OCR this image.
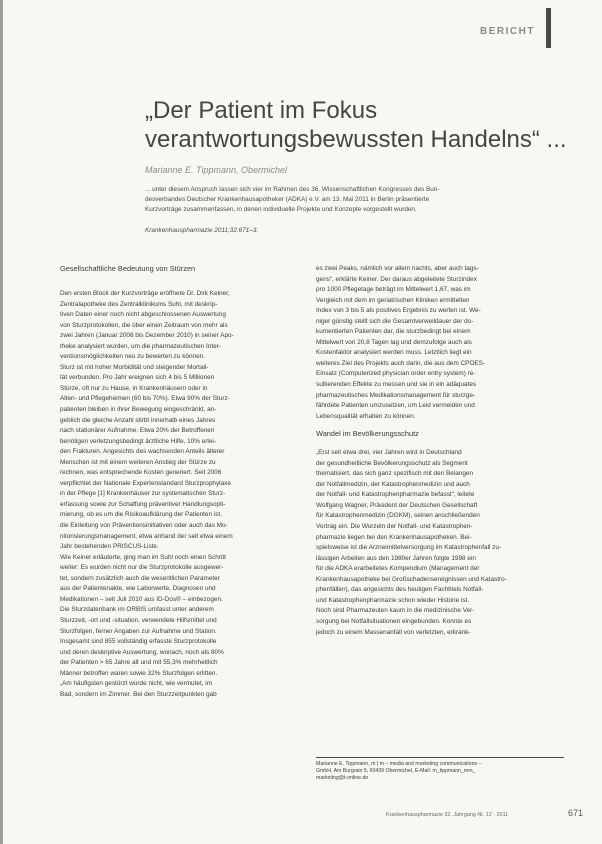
BERICHT
„Der Patient im Fokus
verantwortungsbewussten Handelns“ ...
Marianne E. Tippmann, Obermichel
... unter diesem Anspruch lassen sich vier im Rahmen des 36. Wissenschaftlichen Kongresses des Bun-
desverbandes Deutscher Krankenhausapotheker (ADKA) e.V. am 13. Mai 2011 in Berlin präsentierte
Kurzvorträge zusammenfassen, in denen individuelle Projekte und Konzepte vorgestellt wurden.
Krankenhauspharmazie 2011;32:671–3.
Gesellschaftliche Bedeutung von Stürzen
Den ersten Block der Kurzvorträge eröffnete Dr. Dirk Keiner,
Zentralapotheke des Zentralklinikums Suhl, mit deskrip-
tiven Daten einer noch nicht abgeschlossenen Auswertung
von Sturzprotokollen, die über einen Zeitraum von mehr als
zwei Jahren (Januar 2008 bis Dezember 2010) in seiner Apo-
theke analysiert wurden, um die pharmazeutischen Inter-
ventionsmöglichkeiten neu zu bewerten zu können.
Sturz ist mit hoher Morbidität und steigender Mortali-
tät verbunden. Pro Jahr ereignen sich 4 bis 5 Millionen
Stürze, oft nur zu Hause, in Krankenhäusern oder in
Alten- und Pflegeheimen (60 bis 70%). Etwa 90% der Sturz-
patienten bleiben in ihrer Bewegung eingeschränkt, an-
geblich die gleiche Anzahl stirbt innerhalb eines Jahres
nach stationärer Aufnahme. Etwa 20% der Betroffenen
benötigen verletzungsbedingt ärztliche Hilfe, 10% erlei-
den Frakturen. Angesichts des wachsenden Anteils älterer
Menschen ist mit einem weiteren Anstieg der Stürze zu
rechnen, was entsprechende Kosten generiert. Seit 2006
verpflichtet der Nationale Expertenstandard Sturzprophylaxe
in der Pflege [1] Krankenhäuser zur systematischen Sturz-
erfassung sowie zur Schaffung präventiver Handlungsopti-
mierung, ob es um die Risikoaufklärung der Patienten ist,
die Einleitung von Präventionsinitiativen oder auch das Mo-
nitorisierungsmanagement, etwa anhand der seit etwa einem
Jahr bestehenden PRISCUS-Liste.
Wie Keiner erläuterte, ging man im Suhl noch einen Schritt
weiter: Es wurden nicht nur die Sturzprotokolle ausgewer-
tet, sondern zusätzlich auch die wesentlichen Parameter
aus der Patientenakte, wie Laborwerte, Diagnosen und
Medikationen – seit Juli 2010 aus ID-Dos® – einbezogen.
Die Sturzdatenbank im ORBIS umfasst unter anderem
Sturzzeit, -ort und -situation, verwendete Hilfsmittel und
Sturzfolgen, ferner Angaben zur Aufnahme und Station.
Insgesamt sind 855 vollständig erfasste Sturzprotokolle
und deren deskriptive Auswertung, wonach, noch als 80%
der Patienten > 65 Jahre alt und mit 55,3% mehrheitlich
Männer betroffen waren sowie 32% Sturzfolgen erlitten.
„Am häufigsten gestürzt wurde nicht, wie vermutet, im
Bad, sondern im Zimmer. Bei den Sturzzeitpunkten gab
es zwei Peaks, nämlich vor allem nachts, aber auch tags-
gens“, erklärte Keiner. Der daraus abgeleitete Sturzindex
pro 1000 Pflegetage beträgt im Mittelwert 1,67, was im
Vergleich mit dem im geriatrischen Kliniken ermittelten
Index von 3 bis 5 als positives Ergebnis zu werten ist. We-
niger günstig stellt sich die Gesamtverweildauer der do-
kumentierten Patienten dar, die sturzbedingt bei einem
Mittelwert von 20,8 Tagen lag und demzufolge auch als
Kostenfaktor analysiert werden muss. Letztlich liegt ein
weiteres Ziel des Projekts auch darin, die aus dem CPOES-
Einsatz (Computerized physician order entry system) re-
sultierenden Effekte zu messen und sie in ein adäquates
pharmazeutisches Medikationsmanagement für sturzge-
fährdete Patienten umzusetzen, um Leid vermeiden und
Lebensqualität erhalten zu können.
Wandel im Bevölkerungsschutz
„Erst seit etwa drei, vier Jahren wird in Deutschland
der gesundheitliche Bevölkerungsschutz als Segment
thematisiert, das sich ganz spezifisch mit den Belangen
der Notfallmedizin, der Katastrophenmedizin und auch
der Notfall- und Katastrophenpharmazie befasst“, leitete
Wolfgang Wagner, Präsident der Deutschen Gesellschaft
für Katastrophenmedizin (DGKM), seinen anschließenden
Vortrag ein. Die Wurzeln der Notfall- und Katastrophen-
pharmazie liegen bei den Krankenhausapotheken. Bei-
spielsweise ist die Arzneimittelversorgung im Katastrophenfall zu-
lässigen Arbeiten aus den 1980er Jahren folgte 1998 ein
für die ADKA erarbeitetes Kompendium (Management der
Krankenhausapotheke bei Großschadensereignissen und Katastro-
phenfällen), das angesichts des heutigen Fachtitels Notfall-
und Katastrophenpharmazie schon wieder Historie ist.
Noch sind Pharmazeuten kaum in die medizinische Ver-
sorgung bei Notfallsituationen eingebunden. Konnte es
jedoch zu einem Massenanfall von verletzten, erkrank-
Marianne E. Tippmann, m | m – media and marketing communications –
GmbH, Am Burgrain 5, 60439 Obermichel, E-Mail: m_tippmann_mm_
marketing@t-online.de
Krankenhauspharmazie 32. Jahrgang Nr. 12 · 2011	671
